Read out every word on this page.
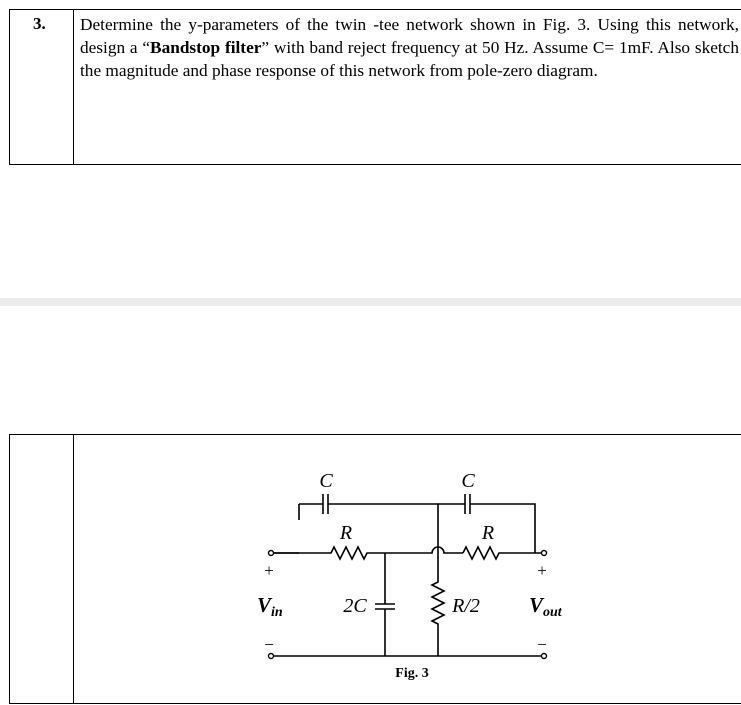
3.	Determine the y-parameters of the twin -tee network shown in Fig. 3. Using this network, design a “Bandstop filter” with band reject frequency at 50 Hz. Assume C= 1mF. Also sketch the magnitude and phase response of this network from pole-zero diagram.
C	C
R	R
2C	R/2
+
−
+
−
Vin	Vout
Fig. 3
